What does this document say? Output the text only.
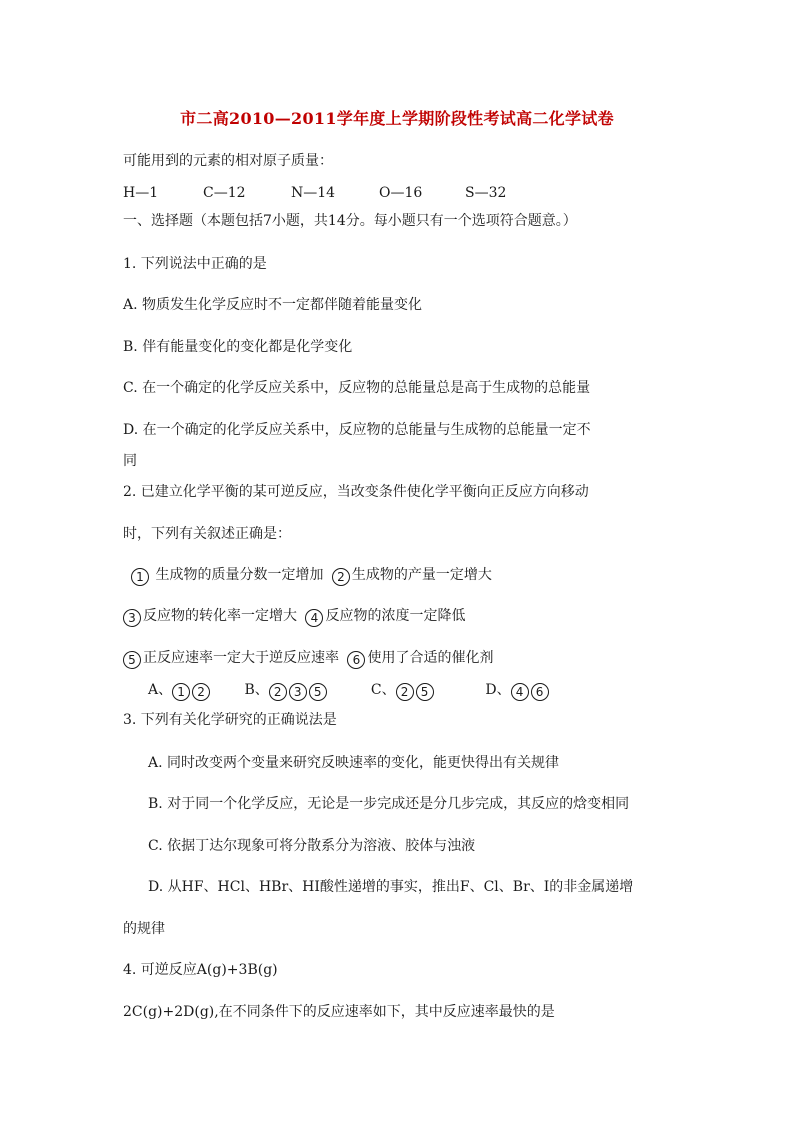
市二高2010—2011学年度上学期阶段性考试高二化学试卷
可能用到的元素的相对原子质量：
H—1	C—12	N—14	O—16	S—32
一、选择题（本题包括7小题，共14分。每小题只有一个选项符合题意。）
1. 下列说法中正确的是
A. 物质发生化学反应时不一定都伴随着能量变化
B. 伴有能量变化的变化都是化学变化
C. 在一个确定的化学反应关系中，反应物的总能量总是高于生成物的总能量
D. 在一个确定的化学反应关系中，反应物的总能量与生成物的总能量一定不
同
2. 已建立化学平衡的某可逆反应，当改变条件使化学平衡向正反应方向移动
时，下列有关叙述正确是：
1 生成物的质量分数一定增加 2 生成物的产量一定增大
3 反应物的转化率一定增大 4 反应物的浓度一定降低
5 正反应速率一定大于逆反应速率 6 使用了合适的催化剂
A、 1 2	B、 2 3 5	C、 2 5	D、 4 6
3. 下列有关化学研究的正确说法是
A. 同时改变两个变量来研究反映速率的变化，能更快得出有关规律
B. 对于同一个化学反应，无论是一步完成还是分几步完成，其反应的焓变相同
C. 依据丁达尔现象可将分散系分为溶液、胶体与浊液
D. 从HF、HCl、HBr、HI酸性递增的事实，推出F、Cl、Br、I的非金属递增
的规律
4. 可逆反应A(g)+3B(g)
2C(g)+2D(g),在不同条件下的反应速率如下，其中反应速率最快的是
